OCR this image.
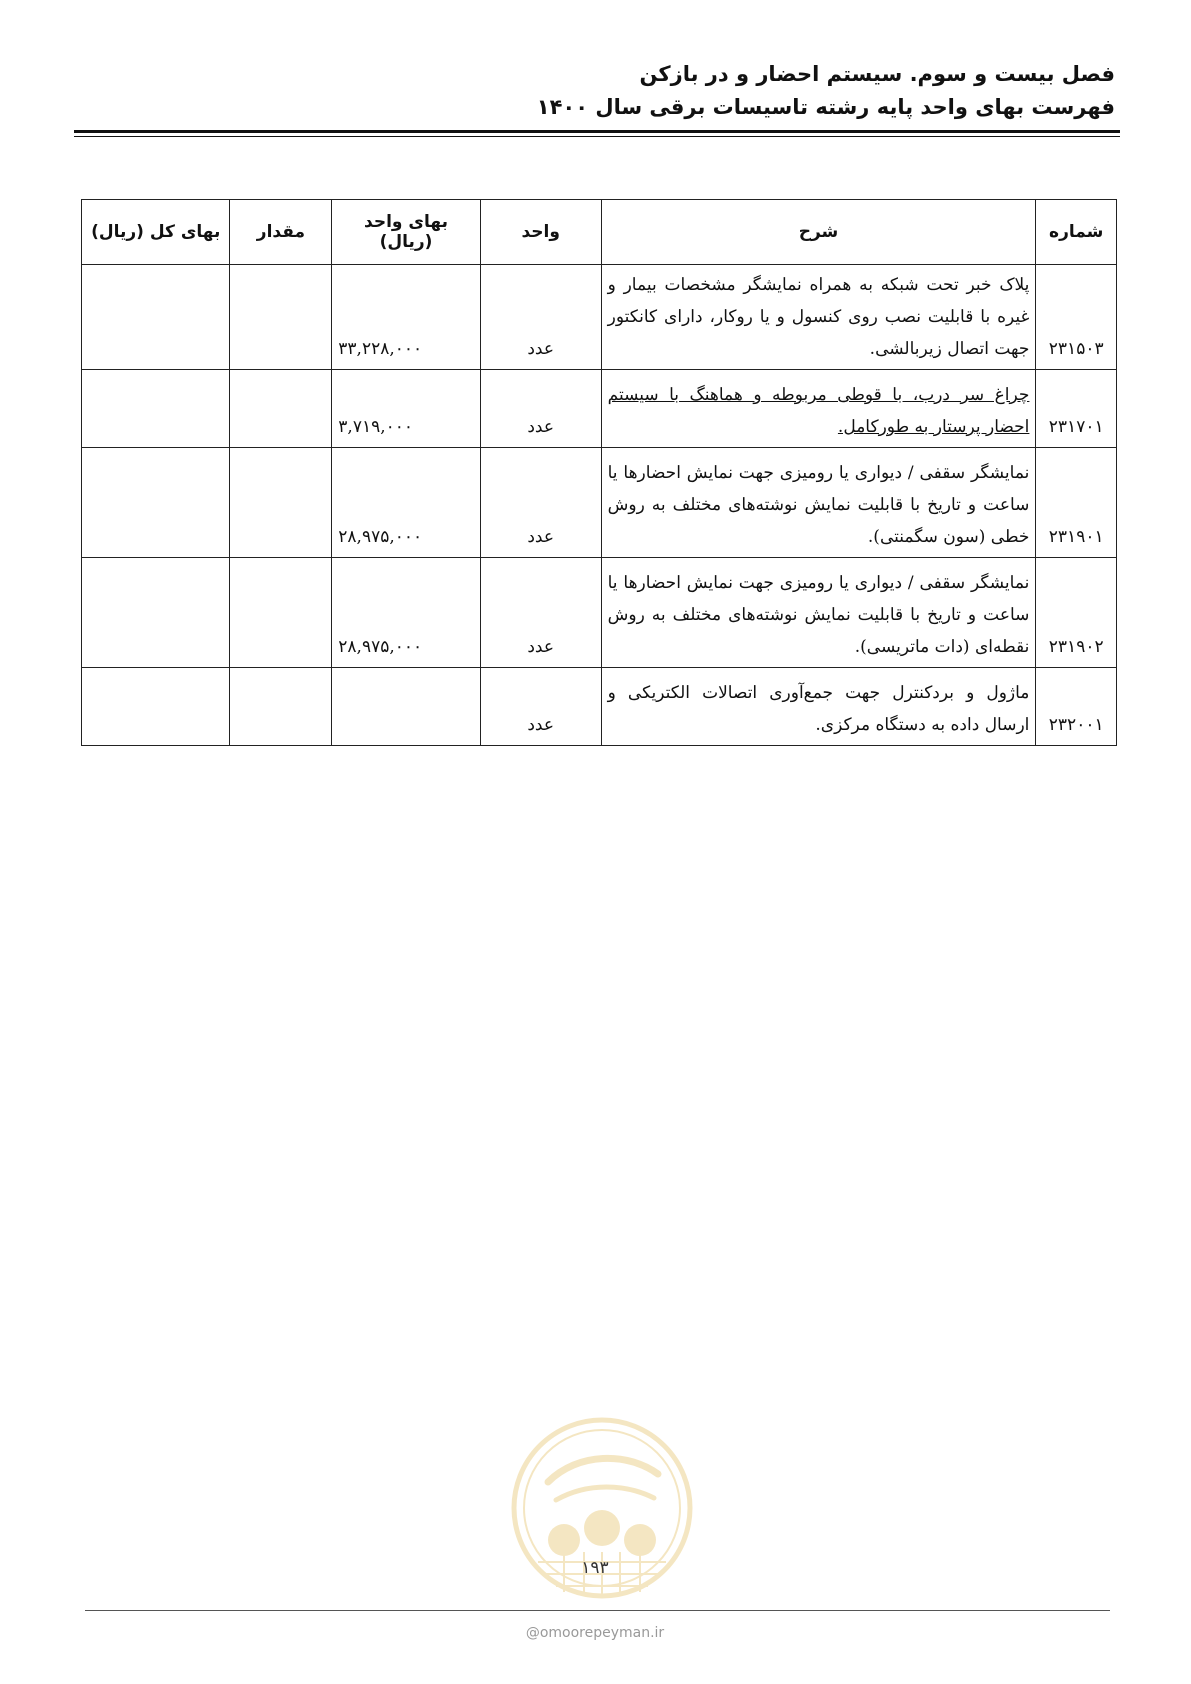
فصل بیست و سوم. سیستم احضار و در بازکن
فهرست بهای واحد پایه رشته تاسیسات برقی سال ۱۴۰۰
شماره	شرح	واحد	بهای واحد (ریال)	مقدار	بهای کل (ریال)
۲۳۱۵۰۳	پلاک خبر تحت شبکه به همراه نمایشگر مشخصات بیمار و غیره با قابلیت نصب روی کنسول و یا روکار، دارای کانکتور جهت اتصال زیربالشی.	عدد	۳۳,۲۲۸,۰۰۰		
۲۳۱۷۰۱	چراغ سر درب، با قوطی مربوطه و هماهنگ با سیستم احضار پرستار به طورکامل.	عدد	۳,۷۱۹,۰۰۰		
۲۳۱۹۰۱	نمایشگر سقفی / دیواری یا رومیزی جهت نمایش احضارها یا ساعت و تاریخ با قابلیت نمایش نوشته‌های مختلف به روش خطی (سون سگمنتی).	عدد	۲۸,۹۷۵,۰۰۰		
۲۳۱۹۰۲	نمایشگر سقفی / دیواری یا رومیزی جهت نمایش احضارها یا ساعت و تاریخ با قابلیت نمایش نوشته‌های مختلف به روش نقطه‌ای (دات ماتریسی).	عدد	۲۸,۹۷۵,۰۰۰		
۲۳۲۰۰۱	ماژول و بردکنترل جهت جمع‌آوری اتصالات الکتریکی و ارسال داده به دستگاه مرکزی.	عدد			
۱۹۳
@omoorepeyman.ir
